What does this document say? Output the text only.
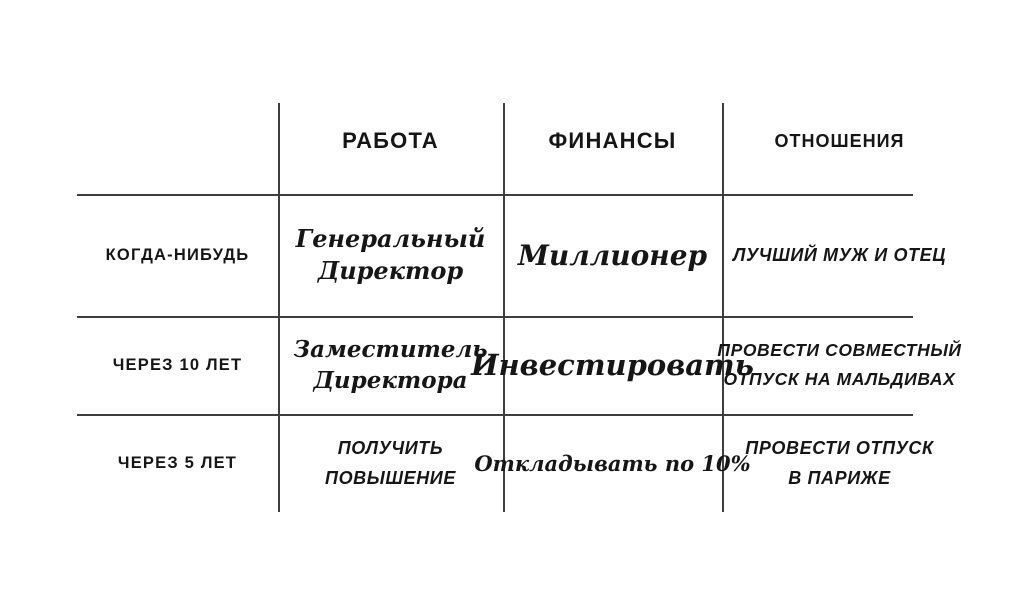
РАБОТА	ФИНАНСЫ	ОТНОШЕНИЯ
КОГДА-НИБУДЬ
ЧЕРЕЗ 10 ЛЕТ
ЧЕРЕЗ 5 ЛЕТ
Генеральный
Директор Миллионер ЛУЧШИЙ МУЖ И ОТЕЦ
Заместитель
Директора Инвестировать
ПРОВЕСТИ СОВМЕСТНЫЙ
ОТПУСК НА МАЛЬДИВАХ
ПОЛУЧИТЬ
ПОВЫШЕНИЕ
Откладывать по 10%
ПРОВЕСТИ ОТПУСК
В ПАРИЖЕ
